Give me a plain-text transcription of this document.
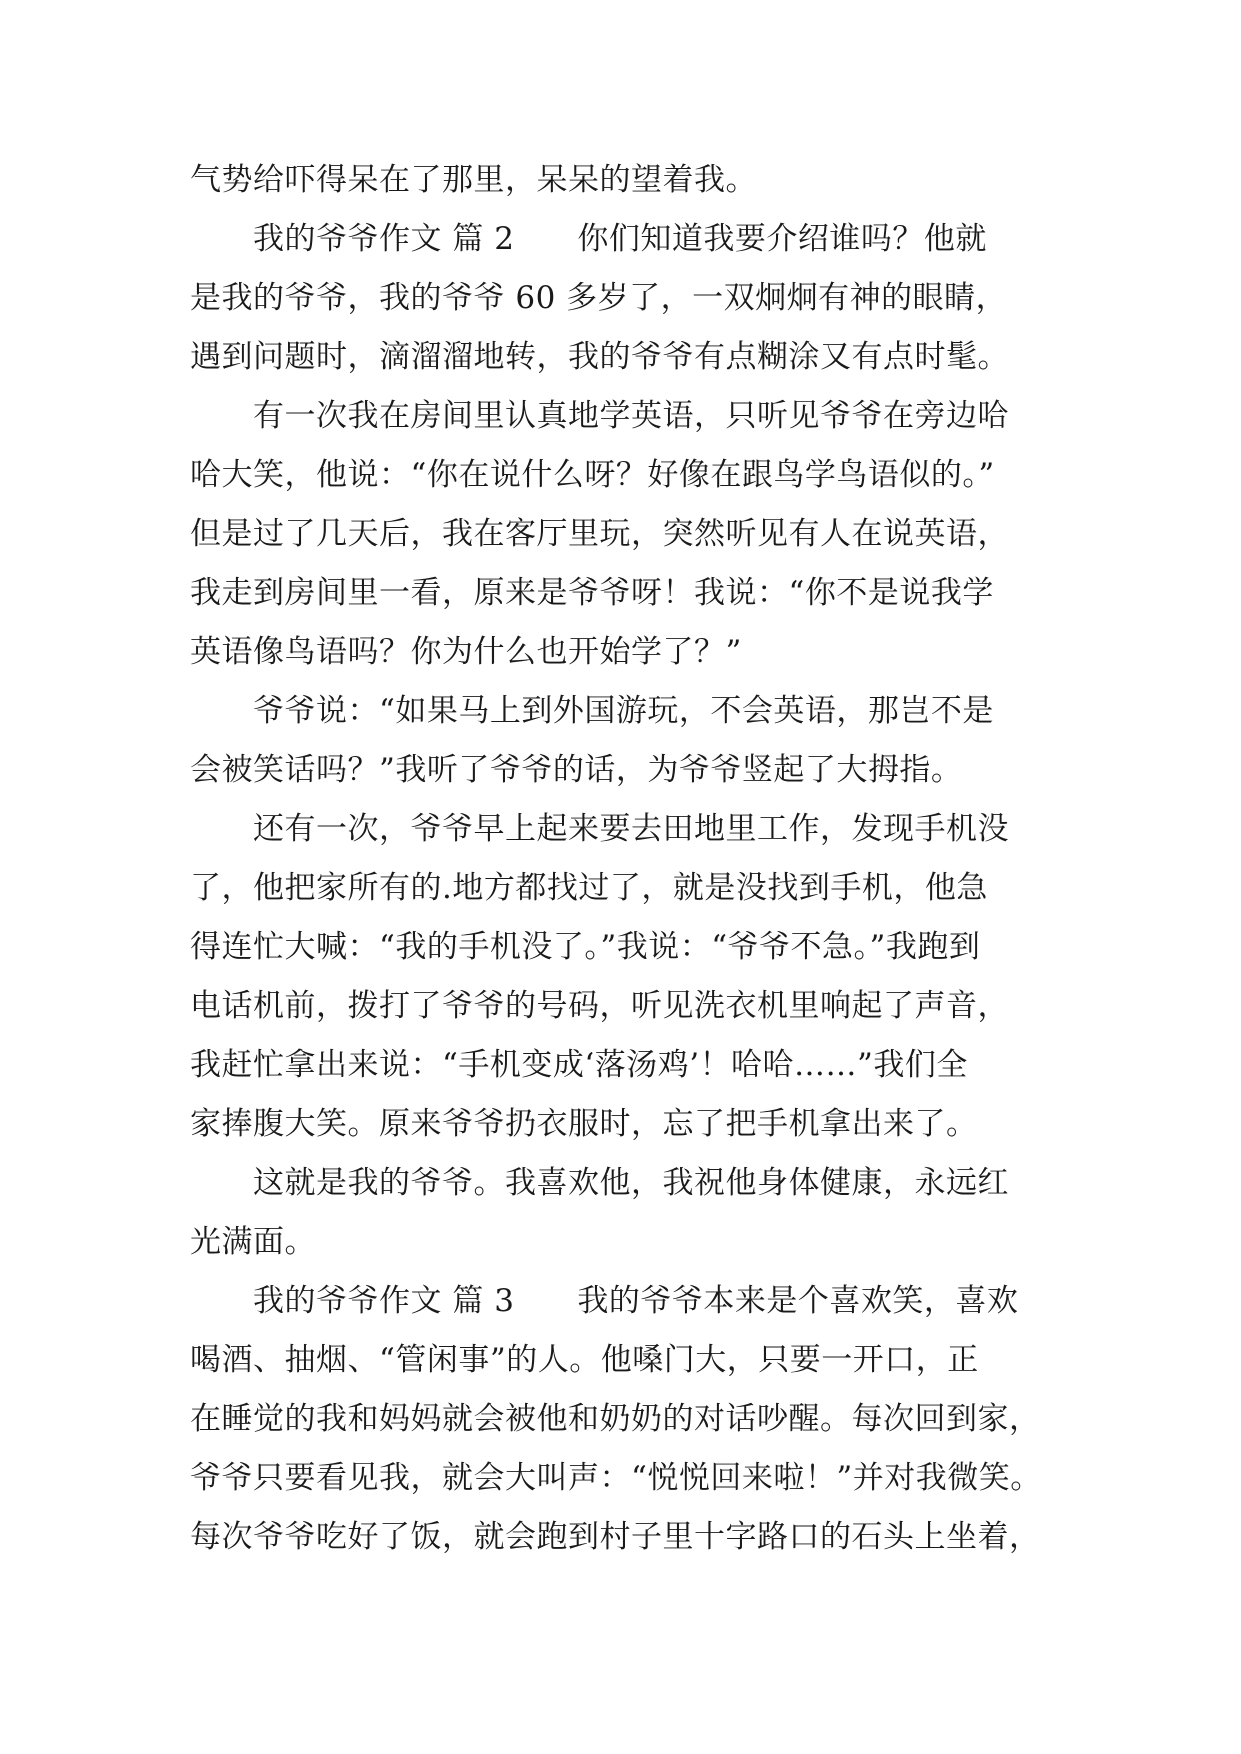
气势给吓得呆在了那里，呆呆的望着我。
　　我的爷爷作文 篇 2　　你们知道我要介绍谁吗？他就
是我的爷爷，我的爷爷 60 多岁了，一双炯炯有神的眼睛，
遇到问题时，滴溜溜地转，我的爷爷有点糊涂又有点时髦。
　　有一次我在房间里认真地学英语，只听见爷爷在旁边哈
哈大笑，他说：“你在说什么呀？好像在跟鸟学鸟语似的。”
但是过了几天后，我在客厅里玩，突然听见有人在说英语，
我走到房间里一看，原来是爷爷呀！我说：“你不是说我学
英语像鸟语吗？你为什么也开始学了？”
　　爷爷说：“如果马上到外国游玩，不会英语，那岂不是
会被笑话吗？”我听了爷爷的话，为爷爷竖起了大拇指。
　　还有一次，爷爷早上起来要去田地里工作，发现手机没
了，他把家所有的.地方都找过了，就是没找到手机，他急
得连忙大喊：“我的手机没了。”我说：“爷爷不急。”我跑到
电话机前，拨打了爷爷的号码，听见洗衣机里响起了声音，
我赶忙拿出来说：“手机变成‘落汤鸡’！哈哈……”我们全
家捧腹大笑。原来爷爷扔衣服时，忘了把手机拿出来了。
　　这就是我的爷爷。我喜欢他，我祝他身体健康，永远红
光满面。
　　我的爷爷作文 篇 3　　我的爷爷本来是个喜欢笑，喜欢
喝酒、抽烟、“管闲事”的人。他嗓门大，只要一开口，正
在睡觉的我和妈妈就会被他和奶奶的对话吵醒。每次回到家，
爷爷只要看见我，就会大叫声：“悦悦回来啦！”并对我微笑。
每次爷爷吃好了饭，就会跑到村子里十字路口的石头上坐着，
